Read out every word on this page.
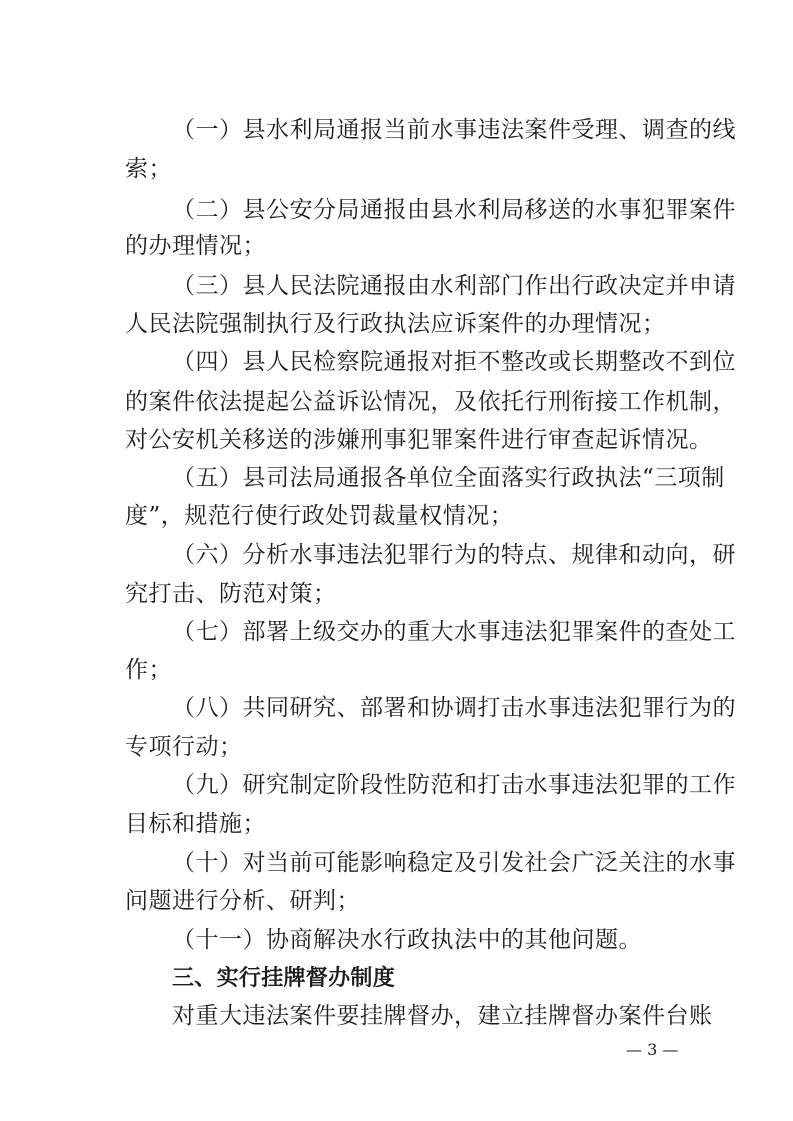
（一）县水利局通报当前水事违法案件受理、调查的线
索；
（二）县公安分局通报由县水利局移送的水事犯罪案件
的办理情况；
（三）县人民法院通报由水利部门作出行政决定并申请
人民法院强制执行及行政执法应诉案件的办理情况；
（四）县人民检察院通报对拒不整改或长期整改不到位
的案件依法提起公益诉讼情况，及依托行刑衔接工作机制，
对公安机关移送的涉嫌刑事犯罪案件进行审查起诉情况。
（五）县司法局通报各单位全面落实行政执法“三项制
度”，规范行使行政处罚裁量权情况；
（六）分析水事违法犯罪行为的特点、规律和动向，研
究打击、防范对策；
（七）部署上级交办的重大水事违法犯罪案件的查处工
作；
（八）共同研究、部署和协调打击水事违法犯罪行为的
专项行动；
（九）研究制定阶段性防范和打击水事违法犯罪的工作
目标和措施；
（十）对当前可能影响稳定及引发社会广泛关注的水事
问题进行分析、研判；
（十一）协商解决水行政执法中的其他问题。
三、实行挂牌督办制度
对重大违法案件要挂牌督办，建立挂牌督办案件台账
— 3 —
